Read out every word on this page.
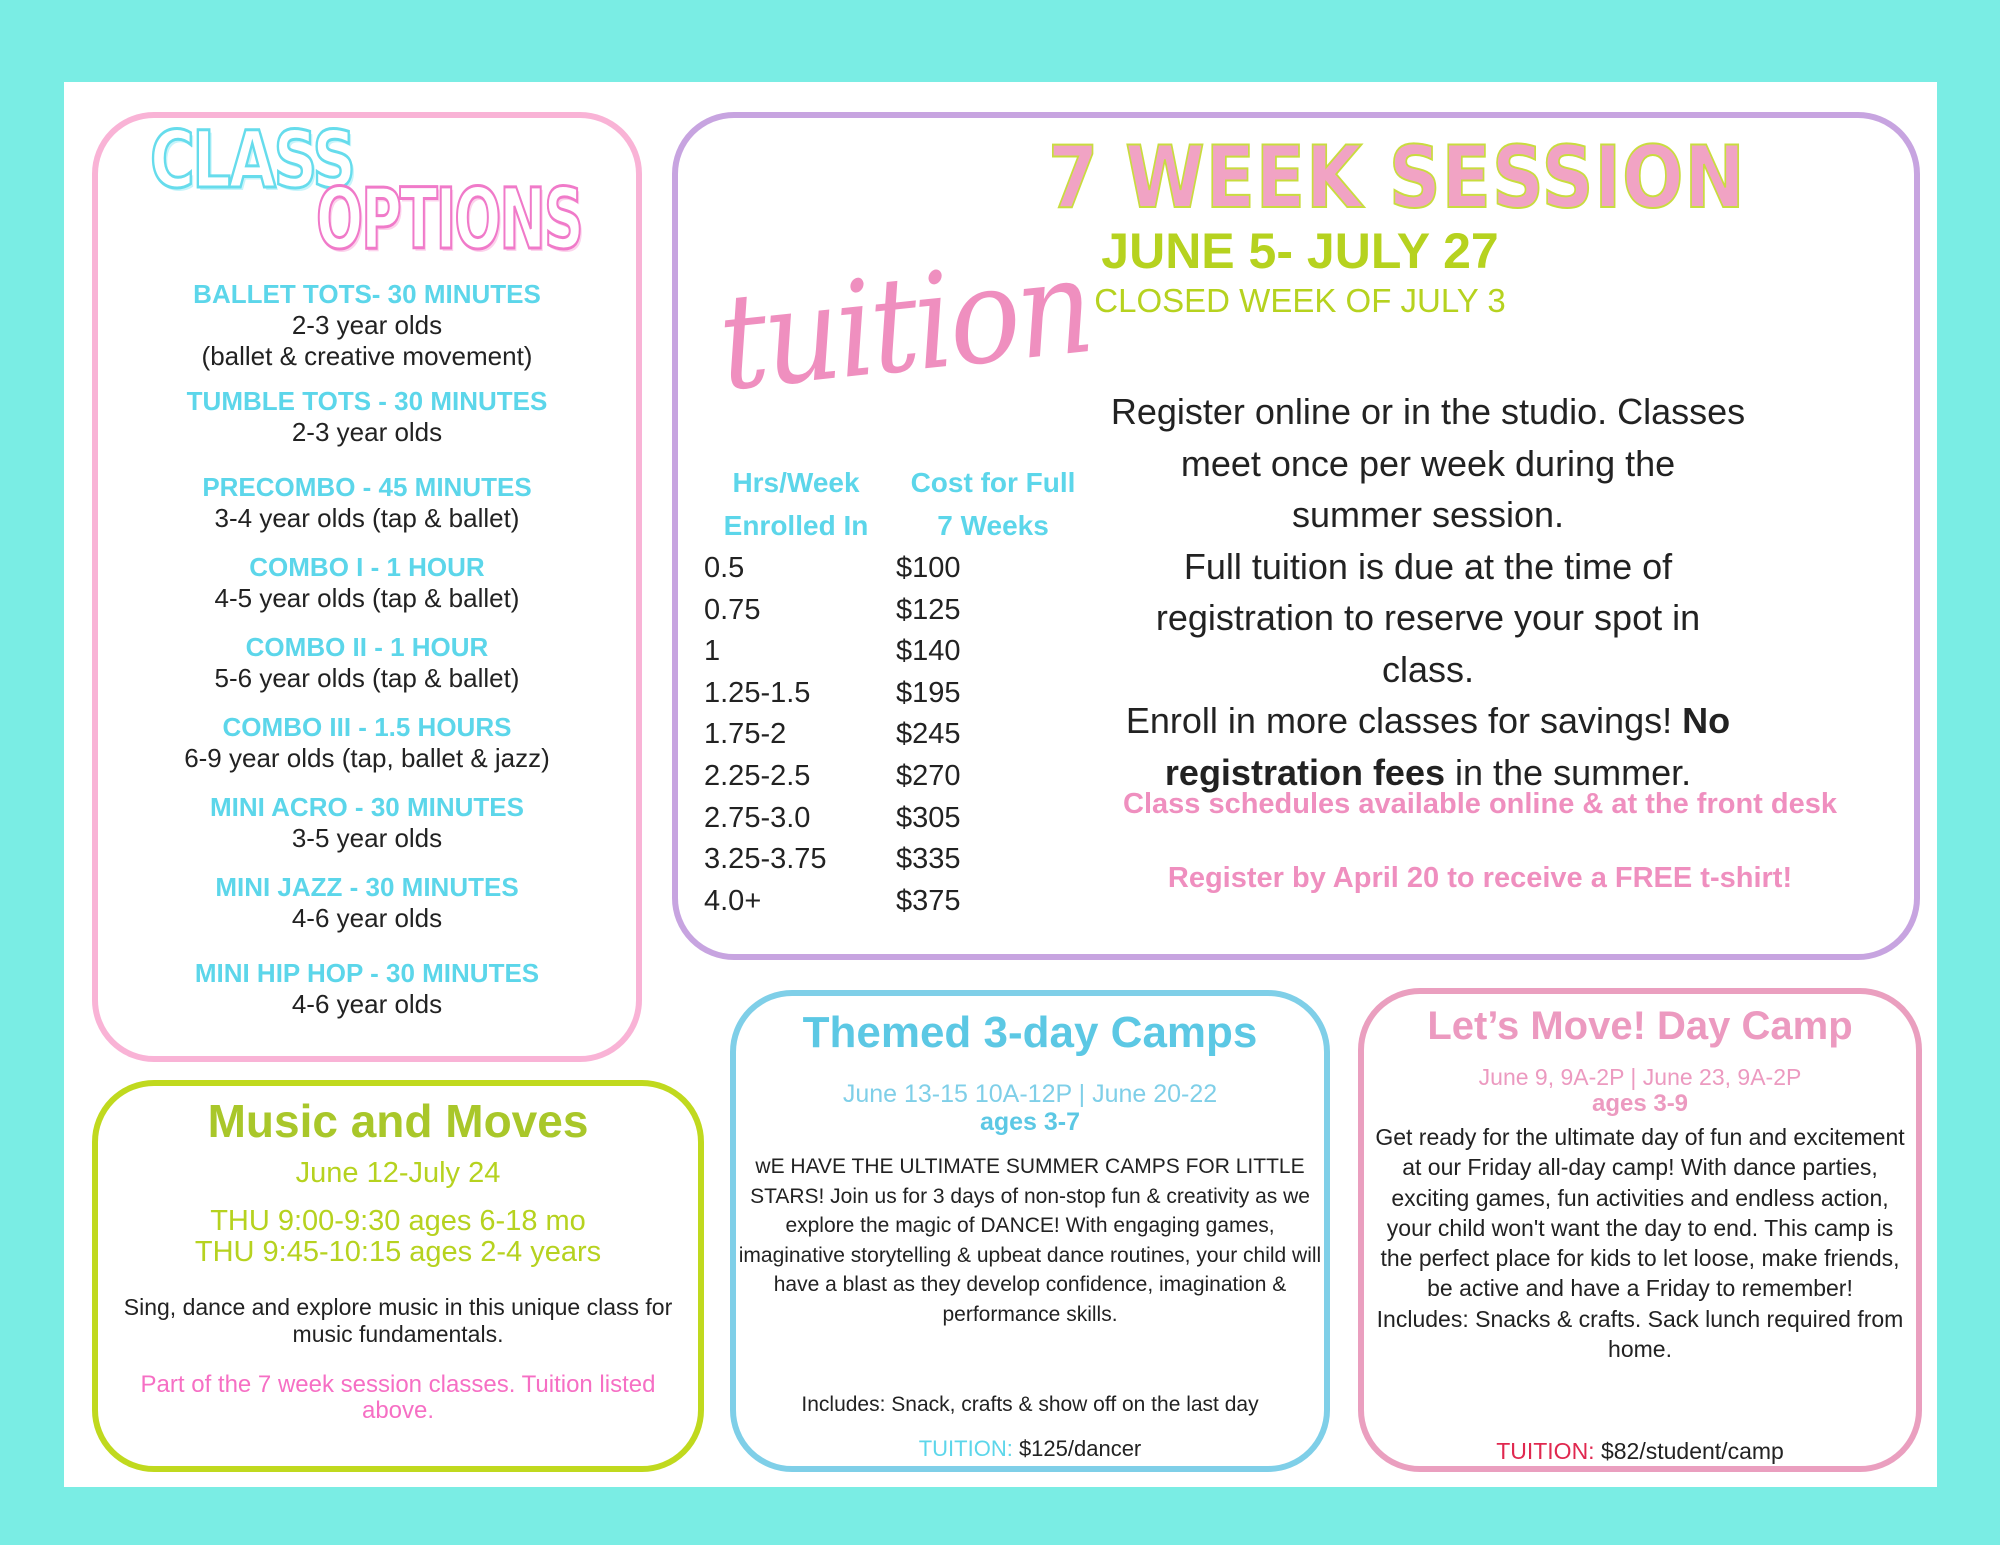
CLASS
OPTIONS
BALLET TOTS- 30 MINUTES
2-3 year olds
(ballet & creative movement)
TUMBLE TOTS - 30 MINUTES
2-3 year olds
PRECOMBO - 45 MINUTES
3-4 year olds (tap & ballet)
COMBO I - 1 HOUR
4-5 year olds (tap & ballet)
COMBO II - 1 HOUR
5-6 year olds (tap & ballet)
COMBO III - 1.5 HOURS
6-9 year olds (tap, ballet & jazz)
MINI ACRO - 30 MINUTES
3-5 year olds
MINI JAZZ - 30 MINUTES
4-6 year olds
MINI HIP HOP - 30 MINUTES
4-6 year olds
7 WEEK SESSION
JUNE 5- JULY 27
CLOSED WEEK OF JULY 3
tuition
Hrs/Week
Enrolled In
Cost for Full
7 Weeks
0.5	$100
0.75	$125
1	$140
1.25-1.5	$195
1.75-2	$245
2.25-2.5	$270
2.75-3.0	$305
3.25-3.75 $335
4.0+	$375
Register online or in the studio. Classes
meet once per week during the
summer session.
Full tuition is due at the time of
registration to reserve your spot in class.
Enroll in more classes for savings! No
registration fees in the summer.
Class schedules available online & at the front desk
Register by April 20 to receive a FREE t-shirt!
Music and Moves
June 12-July 24
THU 9:00-9:30 ages 6-18 mo
THU 9:45-10:15 ages 2-4 years
Sing, dance and explore music in this unique class for music fundamentals.
Part of the 7 week session classes. Tuition listed above.
Themed 3-day Camps
June 13-15 10A-12P | June 20-22
ages 3-7
wE HAVE THE ULTIMATE SUMMER CAMPS FOR LITTLE STARS! Join us for 3 days of non-stop fun & creativity as we explore the magic of DANCE! With engaging games, imaginative storytelling & upbeat dance routines, your child will have a blast as they develop confidence, imagination & performance skills.
Includes: Snack, crafts & show off on the last day
TUITION: $125/dancer
Let’s Move! Day Camp
June 9, 9A-2P | June 23, 9A-2P
ages 3-9
Get ready for the ultimate day of fun and excitement at our Friday all-day camp! With dance parties, exciting games, fun activities and endless action, your child won't want the day to end. This camp is the perfect place for kids to let loose, make friends, be active and have a Friday to remember!
Includes: Snacks & crafts. Sack lunch required from home.
TUITION: $82/student/camp
